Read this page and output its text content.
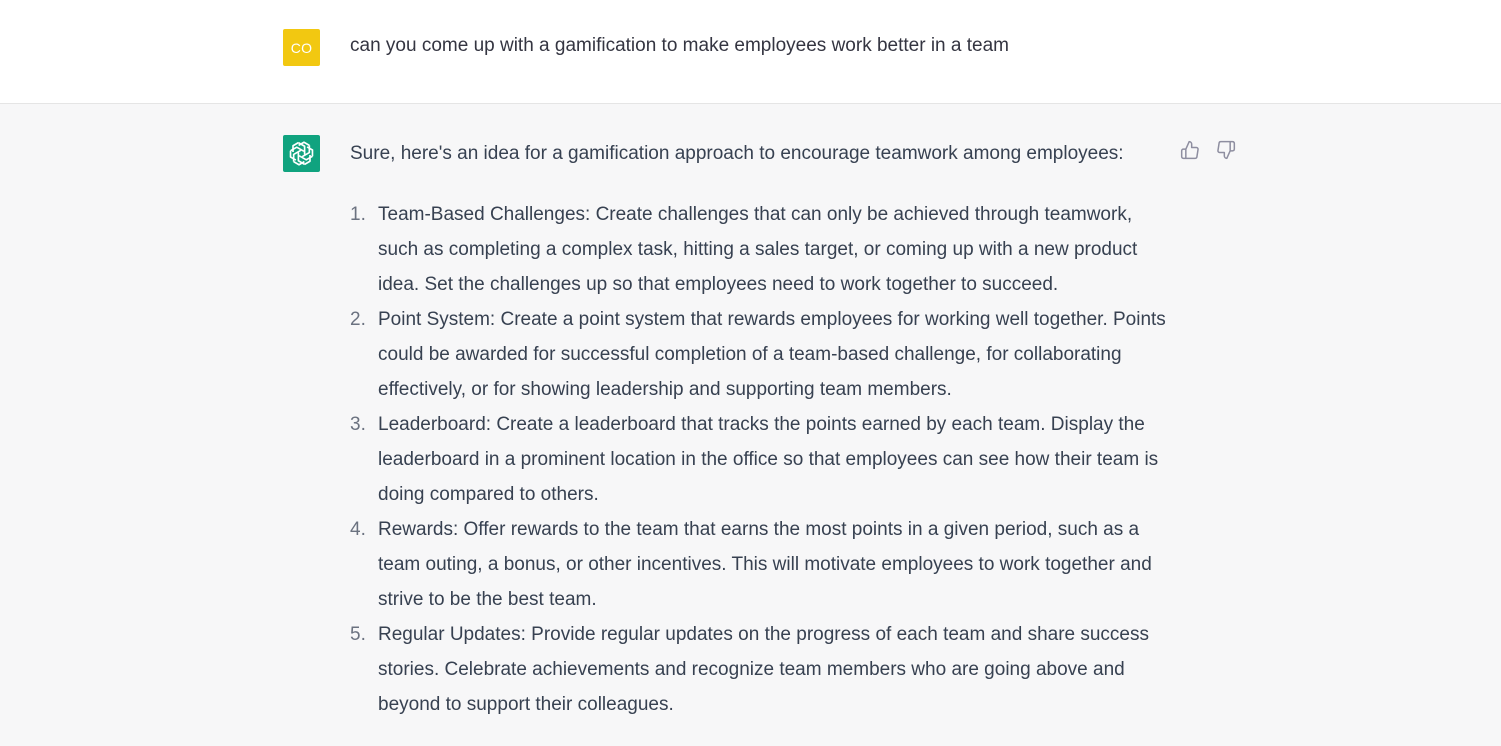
CO	can you come up with a gamification to make employees work better in a team
Sure, here's an idea for a gamification approach to encourage teamwork among employees:
1. Team-Based Challenges: Create challenges that can only be achieved through teamwork, such as completing a complex task, hitting a sales target, or coming up with a new product idea. Set the challenges up so that employees need to work together to succeed.
2. Point System: Create a point system that rewards employees for working well together. Points could be awarded for successful completion of a team-based challenge, for collaborating effectively, or for showing leadership and supporting team members.
3. Leaderboard: Create a leaderboard that tracks the points earned by each team. Display the leaderboard in a prominent location in the office so that employees can see how their team is doing compared to others.
4. Rewards: Offer rewards to the team that earns the most points in a given period, such as a team outing, a bonus, or other incentives. This will motivate employees to work together and strive to be the best team.
5. Regular Updates: Provide regular updates on the progress of each team and share success stories. Celebrate achievements and recognize team members who are going above and beyond to support their colleagues.
